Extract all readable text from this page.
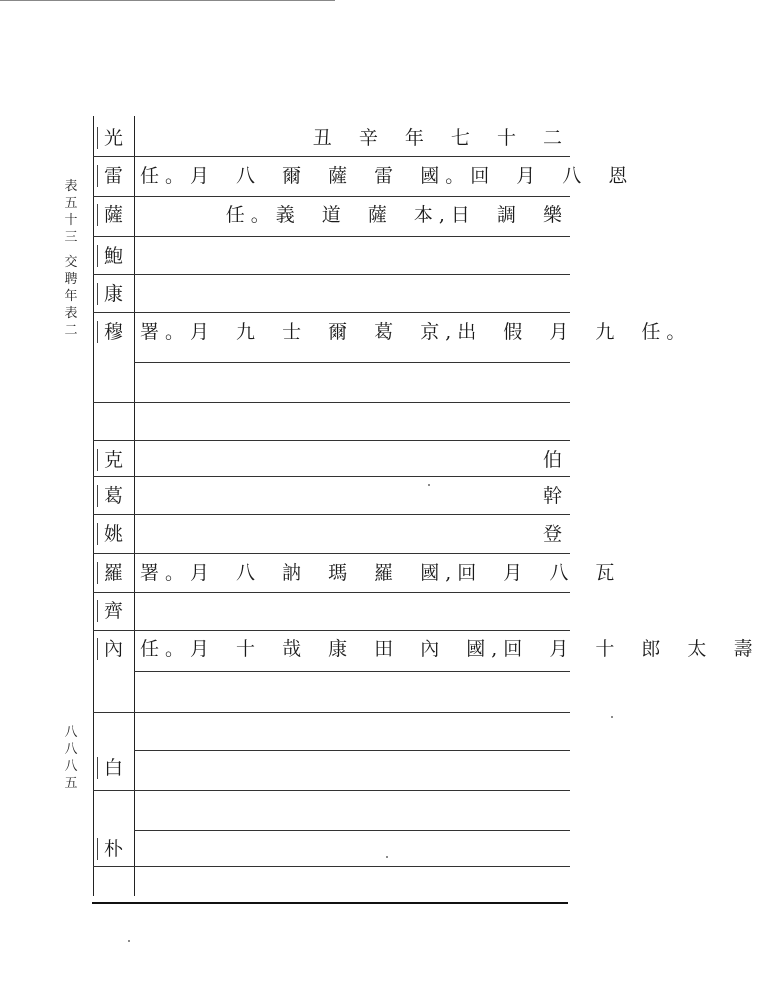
表
五
十
三
交
聘
年
表
二
八
八
八
五
光	丑 辛 年 七 十 二
雷 任。月 八 爾 薩 雷 國。回 月 八 恩
薩	任。義 道 薩 本,日 調 樂
鮑
康
穆 署。月 九 士 爾 葛 京,出 假 月 九 任。
克	伯
葛	幹
姚	登
羅 署。月 八 訥 瑪 羅 國,回 月 八 瓦
齊
內 任。月 十 哉 康 田 內 國,回 月 十 郎 太 壽
白
朴
